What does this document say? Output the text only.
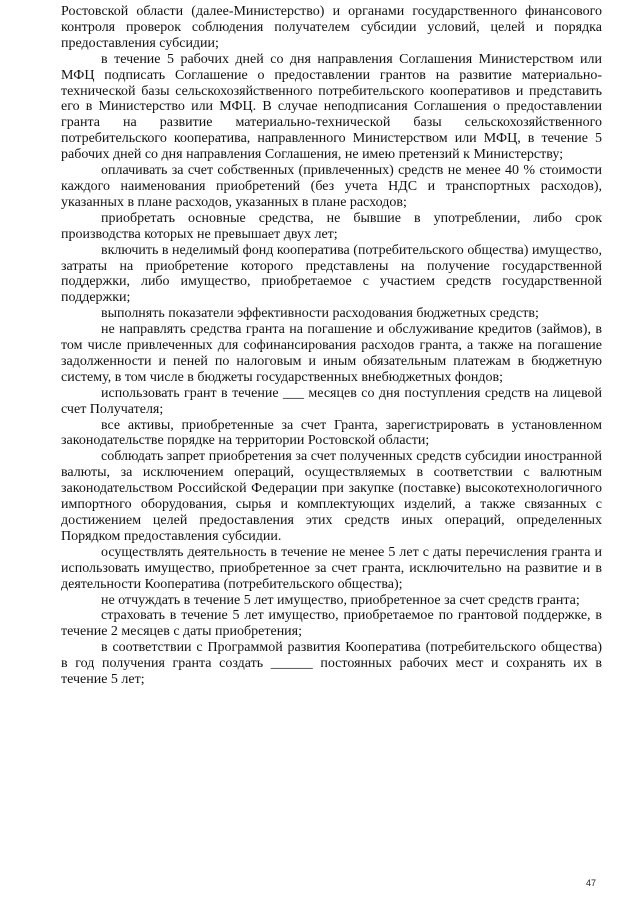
Ростовской области (далее-Министерство) и органами государственного финансового контроля проверок соблюдения получателем субсидии условий, целей и порядка предоставления субсидии;

в течение 5 рабочих дней со дня направления Соглашения Министерством или МФЦ подписать Соглашение о предоставлении грантов на развитие материально-технической базы сельскохозяйственного потребительского кооперативов и представить его в Министерство или МФЦ. В случае неподписания Соглашения о предоставлении гранта на развитие материально-технической базы сельскохозяйственного потребительского кооператива, направленного Министерством или МФЦ, в течение 5 рабочих дней со дня направления Соглашения, не имею претензий к Министерству;

оплачивать за счет собственных (привлеченных) средств не менее 40 % стоимости каждого наименования приобретений (без учета НДС и транспортных расходов), указанных в плане расходов, указанных в плане расходов;

приобретать основные средства, не бывшие в употреблении, либо срок производства которых не превышает двух лет;

включить в неделимый фонд кооператива (потребительского общества) имущество, затраты на приобретение которого представлены на получение государственной поддержки, либо имущество, приобретаемое с участием средств государственной поддержки;

выполнять показатели эффективности расходования бюджетных средств;

не направлять средства гранта на погашение и обслуживание кредитов (займов), в том числе привлеченных для софинансирования расходов гранта, а также на погашение задолженности и пеней по налоговым и иным обязательным платежам в бюджетную систему, в том числе в бюджеты государственных внебюджетных фондов;

использовать грант в течение ___ месяцев со дня поступления средств на лицевой счет Получателя;

все активы, приобретенные за счет Гранта, зарегистрировать в установленном законодательстве порядке на территории Ростовской области;

соблюдать запрет приобретения за счет полученных средств субсидии иностранной валюты, за исключением операций, осуществляемых в соответствии с валютным законодательством Российской Федерации при закупке (поставке) высокотехнологичного импортного оборудования, сырья и комплектующих изделий, а также связанных с достижением целей предоставления этих средств иных операций, определенных Порядком предоставления субсидии.

осуществлять деятельность в течение не менее 5 лет с даты перечисления гранта и использовать имущество, приобретенное за счет гранта, исключительно на развитие и в деятельности Кооператива (потребительского общества);

не отчуждать в течение 5 лет имущество, приобретенное за счет средств гранта;

страховать в течение 5 лет имущество, приобретаемое по грантовой поддержке, в течение 2 месяцев с даты приобретения;

в соответствии с Программой развития Кооператива (потребительского общества) в год получения гранта создать ______ постоянных рабочих мест и сохранять их в течение 5 лет;

47
